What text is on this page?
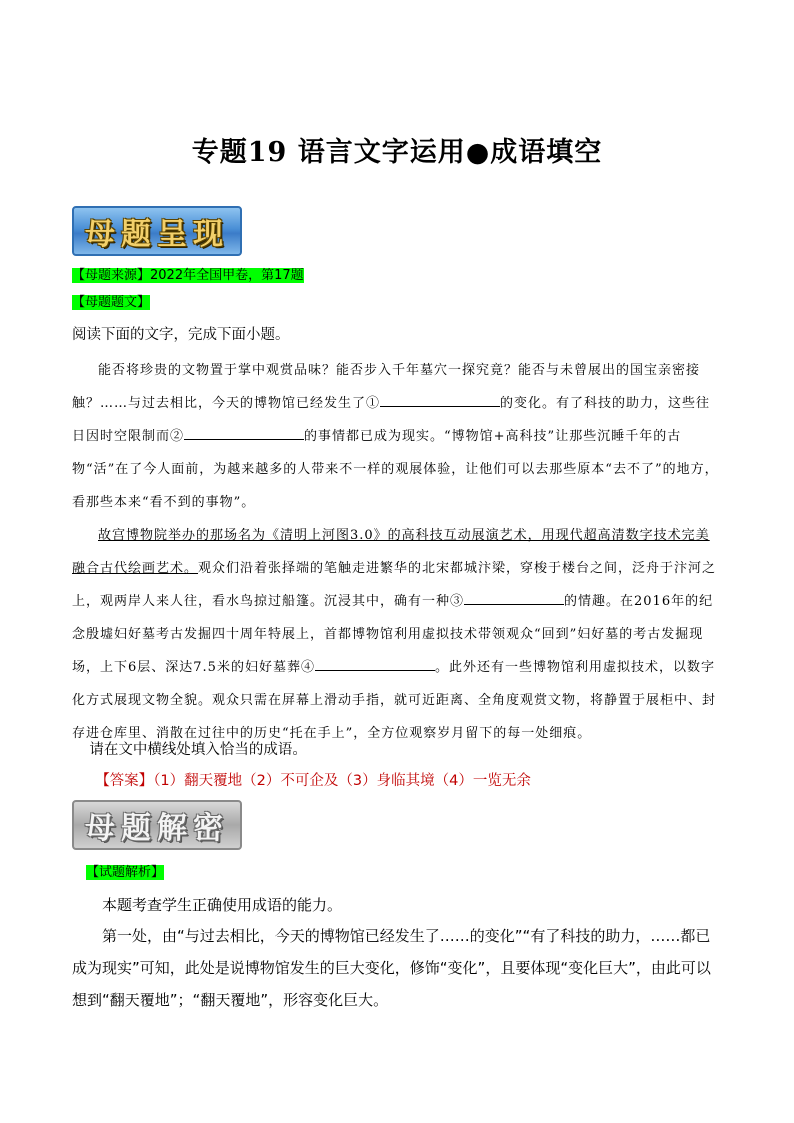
专题19 语言文字运用●成语填空
母题呈现
【母题来源】2022年全国甲卷，第17题
【母题题文】
阅读下面的文字，完成下面小题。
能否将珍贵的文物置于掌中观赏品味？能否步入千年墓穴一探究竟？能否与未曾展出的国宝亲密接触？……与过去相比，今天的博物馆已经发生了①	的变化。有了科技的助力，这些往日因时空限制而②	的事情都已成为现实。“博物馆+高科技”让那些沉睡千年的古物“活”在了今人面前，为越来越多的人带来不一样的观展体验，让他们可以去那些原本“去不了”的地方，看那些本来“看不到的事物”。
故宫博物院举办的那场名为《清明上河图3.0》的高科技互动展演艺术，用现代超高清数字技术完美融合古代绘画艺术。观众们沿着张择端的笔触走进繁华的北宋都城汴梁，穿梭于楼台之间，泛舟于汴河之上，观两岸人来人往，看水鸟掠过船篷。沉浸其中，确有一种③	的情趣。在2016年的纪念殷墟妇好墓考古发掘四十周年特展上，首都博物馆利用虚拟技术带领观众“回到”妇好墓的考古发掘现场，上下6层、深达7.5米的妇好墓葬④	。此外还有一些博物馆利用虚拟技术，以数字化方式展现文物全貌。观众只需在屏幕上滑动手指，就可近距离、全角度观赏文物，将静置于展柜中、封存进仓库里、消散在过往中的历史“托在手上”，全方位观察岁月留下的每一处细痕。
请在文中横线处填入恰当的成语。
【答案】（1）翻天覆地（2）不可企及（3）身临其境（4）一览无余
母题解密
【试题解析】
本题考查学生正确使用成语的能力。
第一处，由“与过去相比，今天的博物馆已经发生了……的变化”“有了科技的助力，……都已成为现实”可知，此处是说博物馆发生的巨大变化，修饰“变化”，且要体现“变化巨大”，由此可以想到“翻天覆地”；“翻天覆地”，形容变化巨大。
